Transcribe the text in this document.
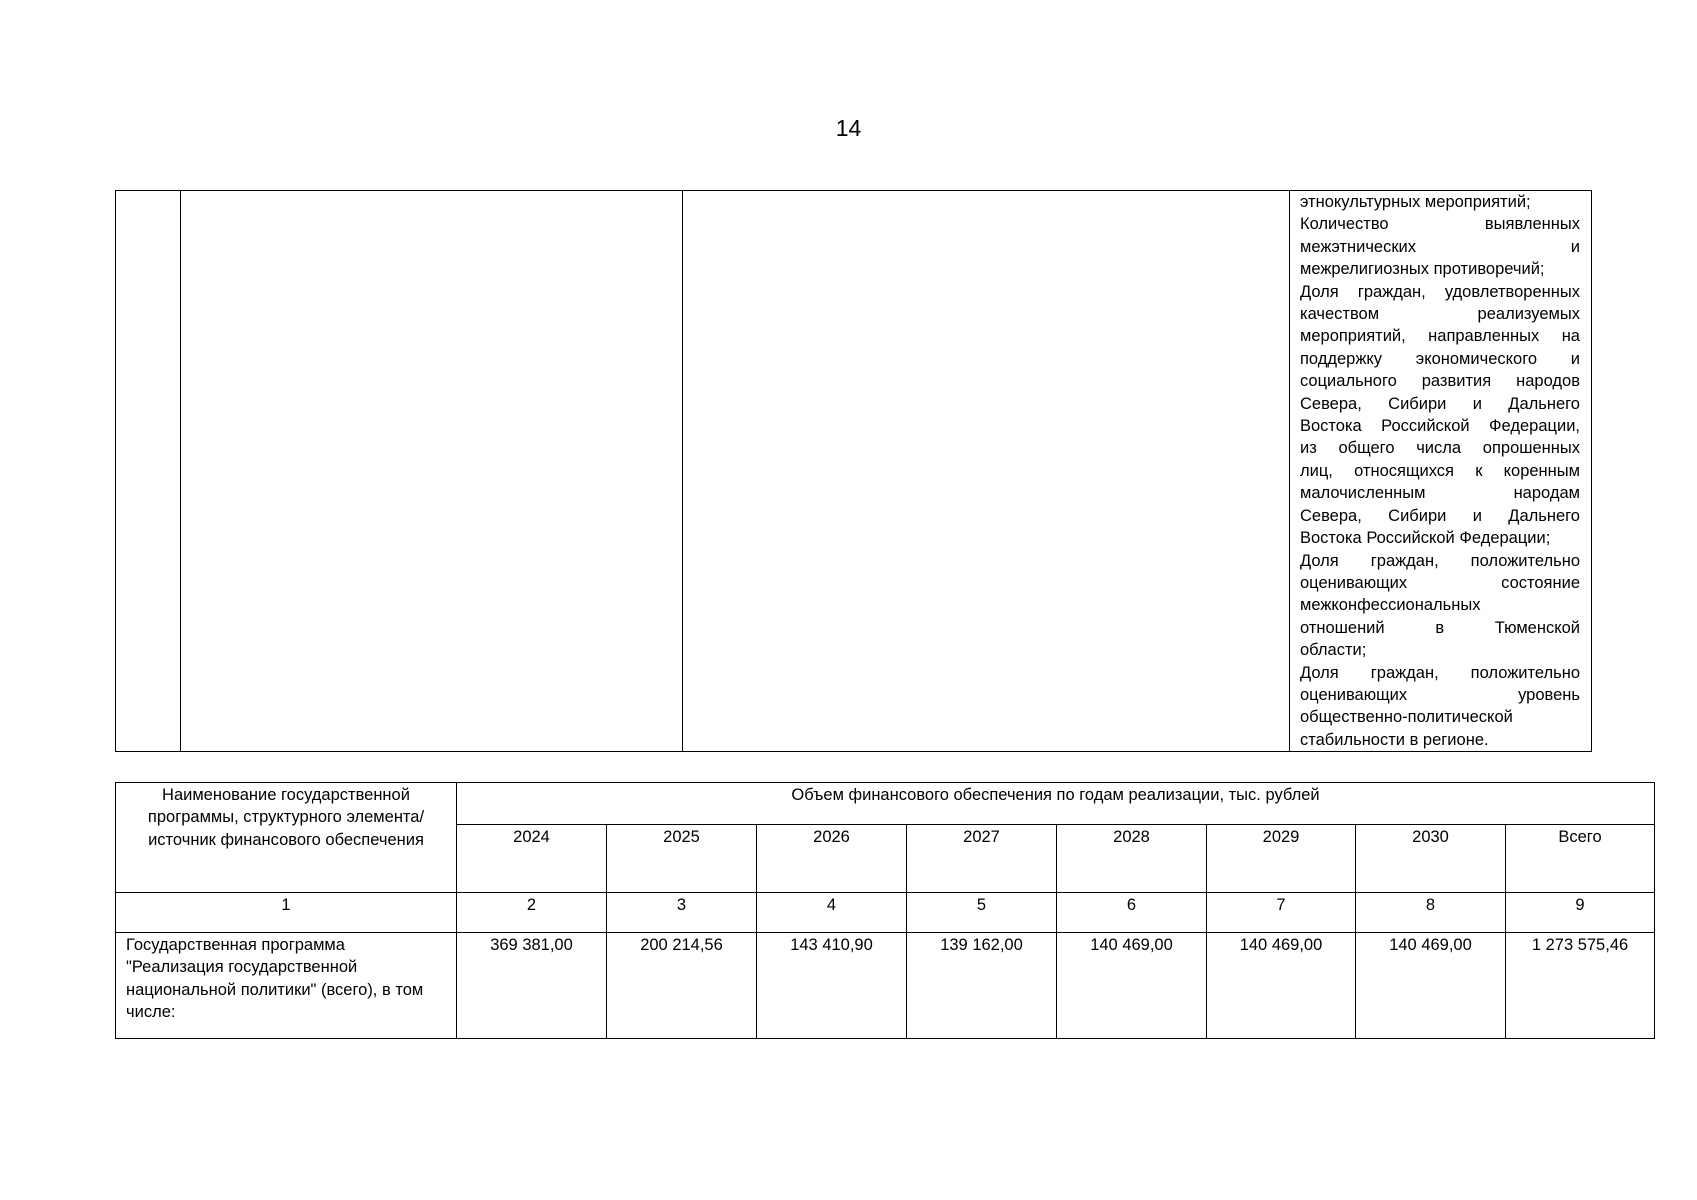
14

этнокультурных мероприятий;
Количество выявленных
межэтнических и
межрелигиозных противоречий;
Доля граждан, удовлетворенных
качеством реализуемых
мероприятий, направленных на
поддержку экономического и
социального развития народов
Севера, Сибири и Дальнего
Востока Российской Федерации,
из общего числа опрошенных
лиц, относящихся к коренным
малочисленным народам
Севера, Сибири и Дальнего
Востока Российской Федерации;
Доля граждан, положительно
оценивающих состояние
межконфессиональных
отношений в Тюменской
области;
Доля граждан, положительно
оценивающих уровень
общественно-политической
стабильности в регионе.
Наименование государственной программы, структурного элемента/источник финансового обеспечения	Объем финансового обеспечения по годам реализации, тыс. рублей							
	2024	2025	2026	2027	2028	2029	2030	Всего
1	2	3	4	5	6	7	8	9
Государственная программа "Реализация государственной национальной политики" (всего), в том числе:	369 381,00	200 214,56	143 410,90	139 162,00	140 469,00	140 469,00	140 469,00	1 273 575,46
